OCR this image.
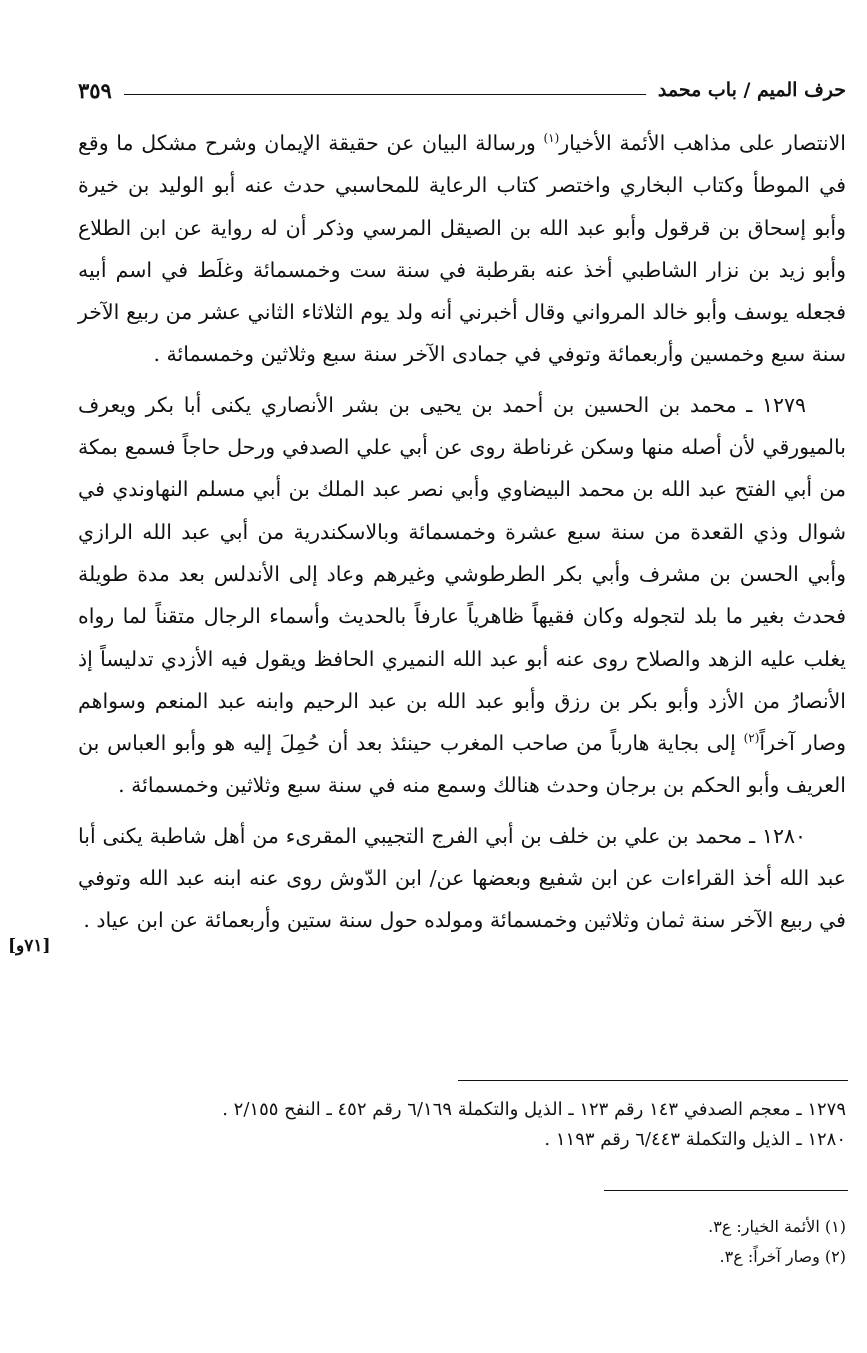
حرف الميم / باب محمد
٣٥٩

الانتصار على مذاهب الأئمة الأخيار$^{(١)}$ ورسالة البيان عن حقيقة الإيمان وشرح مشكل ما وقع في الموطأ وكتاب البخاري واختصر كتاب الرعاية للمحاسبي حدث عنه أبو الوليد بن خيرة وأبو إسحاق بن قرقول وأبو عبد الله بن الصيقل المرسي وذكر أن له رواية عن ابن الطلاع وأبو زيد بن نزار الشاطبي أخذ عنه بقرطبة في سنة ست وخمسمائة وغلَط في اسم أبيه فجعله يوسف وأبو خالد المرواني وقال أخبرني أنه ولد يوم الثلاثاء الثاني عشر من ربيع الآخر سنة سبع وخمسين وأربعمائة وتوفي في جمادى الآخر سنة سبع وثلاثين وخمسمائة .

١٢٧٩ ـ محمد بن الحسين بن أحمد بن يحيى بن بشر الأنصاري يكنى أبا بكر ويعرف بالميورقي لأن أصله منها وسكن غرناطة روى عن أبي علي الصدفي ورحل حاجاً فسمع بمكة من أبي الفتح عبد الله بن محمد البيضاوي وأبي نصر عبد الملك بن أبي مسلم النهاوندي في شوال وذي القعدة من سنة سبع عشرة وخمسمائة وبالاسكندرية من أبي عبد الله الرازي وأبي الحسن بن مشرف وأبي بكر الطرطوشي وغيرهم وعاد إلى الأندلس بعد مدة طويلة فحدث بغير ما بلد لتجوله وكان فقيهاً ظاهرياً عارفاً بالحديث وأسماء الرجال متقناً لما رواه يغلب عليه الزهد والصلاح روى عنه أبو عبد الله النميري الحافظ ويقول فيه الأزدي تدليساً إذ الأنصارُ من الأزد وأبو بكر بن رزق وأبو عبد الله بن عبد الرحيم وابنه عبد المنعم وسواهم وصار آخراً$^{(٢)}$ إلى بجاية هارباً من صاحب المغرب حينئذ بعد أن حُمِلَ إليه هو وأبو العباس بن العريف وأبو الحكم بن برجان وحدث هنالك وسمع منه في سنة سبع وثلاثين وخمسمائة .

١٢٨٠ ـ محمد بن علي بن خلف بن أبي الفرج التجيبي المقرىء من أهل شاطبة يكنى أبا عبد الله أخذ القراءات عن ابن شفيع وبعضها عن/ ابن الدّوش روى عنه ابنه عبد الله وتوفي في ربيع الآخر سنة ثمان وثلاثين وخمسمائة ومولده حول سنة ستين وأربعمائة عن ابن عياد .

[٧١و]
١٢٧٩ ـ معجم الصدفي ١٤٣ رقم ١٢٣ ـ الذيل والتكملة ٦/١٦٩ رقم ٤٥٢ ـ النفح ٢/١٥٥ .
١٢٨٠ ـ الذيل والتكملة ٦/٤٤٣ رقم ١١٩٣ .
(١) الأئمة الخيار: ع٣.
(٢) وصار آخراً: ع٣.
